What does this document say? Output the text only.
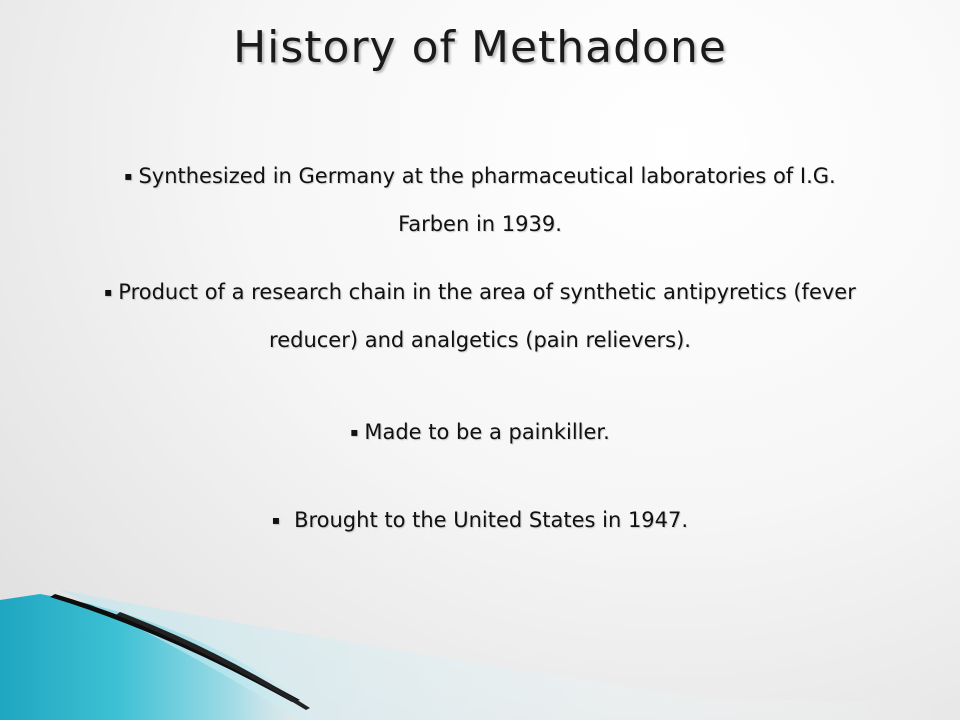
History of Methadone
▪ Synthesized in Germany at the pharmaceutical laboratories of I.G.
Farben in 1939.
▪ Product of a research chain in the area of synthetic antipyretics (fever
reducer) and analgetics (pain relievers).
▪ Made to be a painkiller.
▪ Brought to the United States in 1947.
